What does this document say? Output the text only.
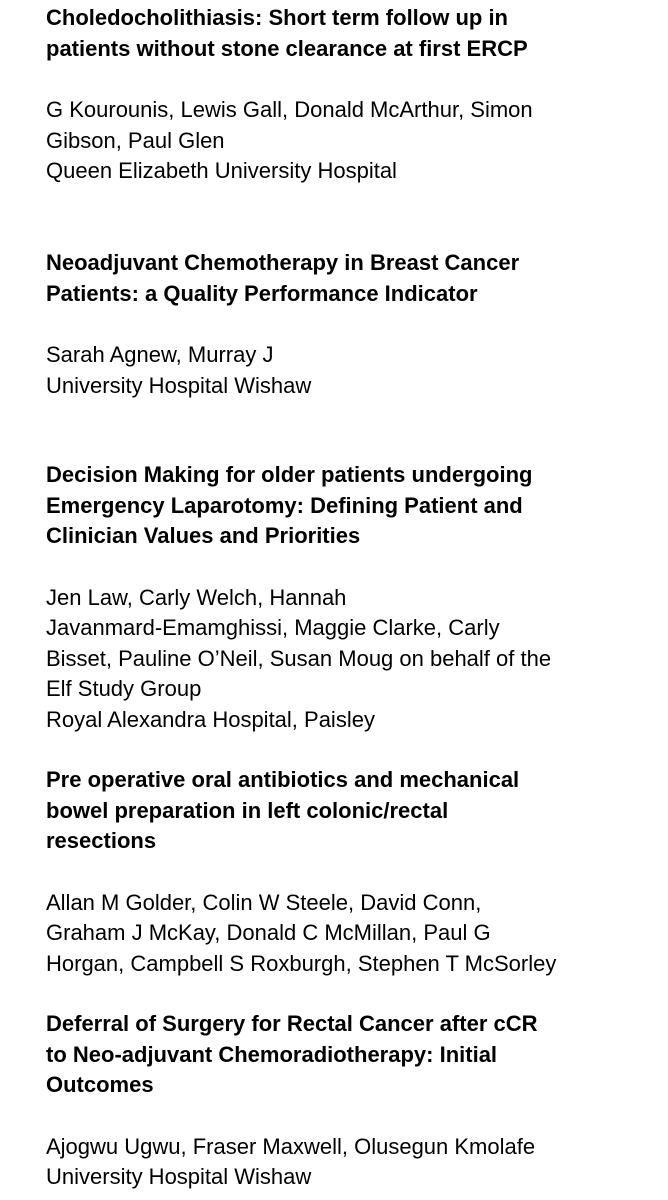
Choledocholithiasis: Short term follow up in
patients without stone clearance at first ERCP

G Kourounis, Lewis Gall, Donald McArthur, Simon
Gibson, Paul Glen
Queen Elizabeth University Hospital

Neoadjuvant Chemotherapy in Breast Cancer
Patients: a Quality Performance Indicator

Sarah Agnew, Murray J
University Hospital Wishaw

Decision Making for older patients undergoing
Emergency Laparotomy: Defining Patient and
Clinician Values and Priorities

Jen Law, Carly Welch, Hannah
Javanmard-Emamghissi, Maggie Clarke, Carly
Bisset, Pauline O’Neil, Susan Moug on behalf of the
Elf Study Group
Royal Alexandra Hospital, Paisley

Pre operative oral antibiotics and mechanical
bowel preparation in left colonic/rectal
resections

Allan M Golder, Colin W Steele, David Conn,
Graham J McKay, Donald C McMillan, Paul G
Horgan, Campbell S Roxburgh, Stephen T McSorley

Deferral of Surgery for Rectal Cancer after cCR
to Neo-adjuvant Chemoradiotherapy: Initial
Outcomes

Ajogwu Ugwu, Fraser Maxwell, Olusegun Kmolafe
University Hospital Wishaw
